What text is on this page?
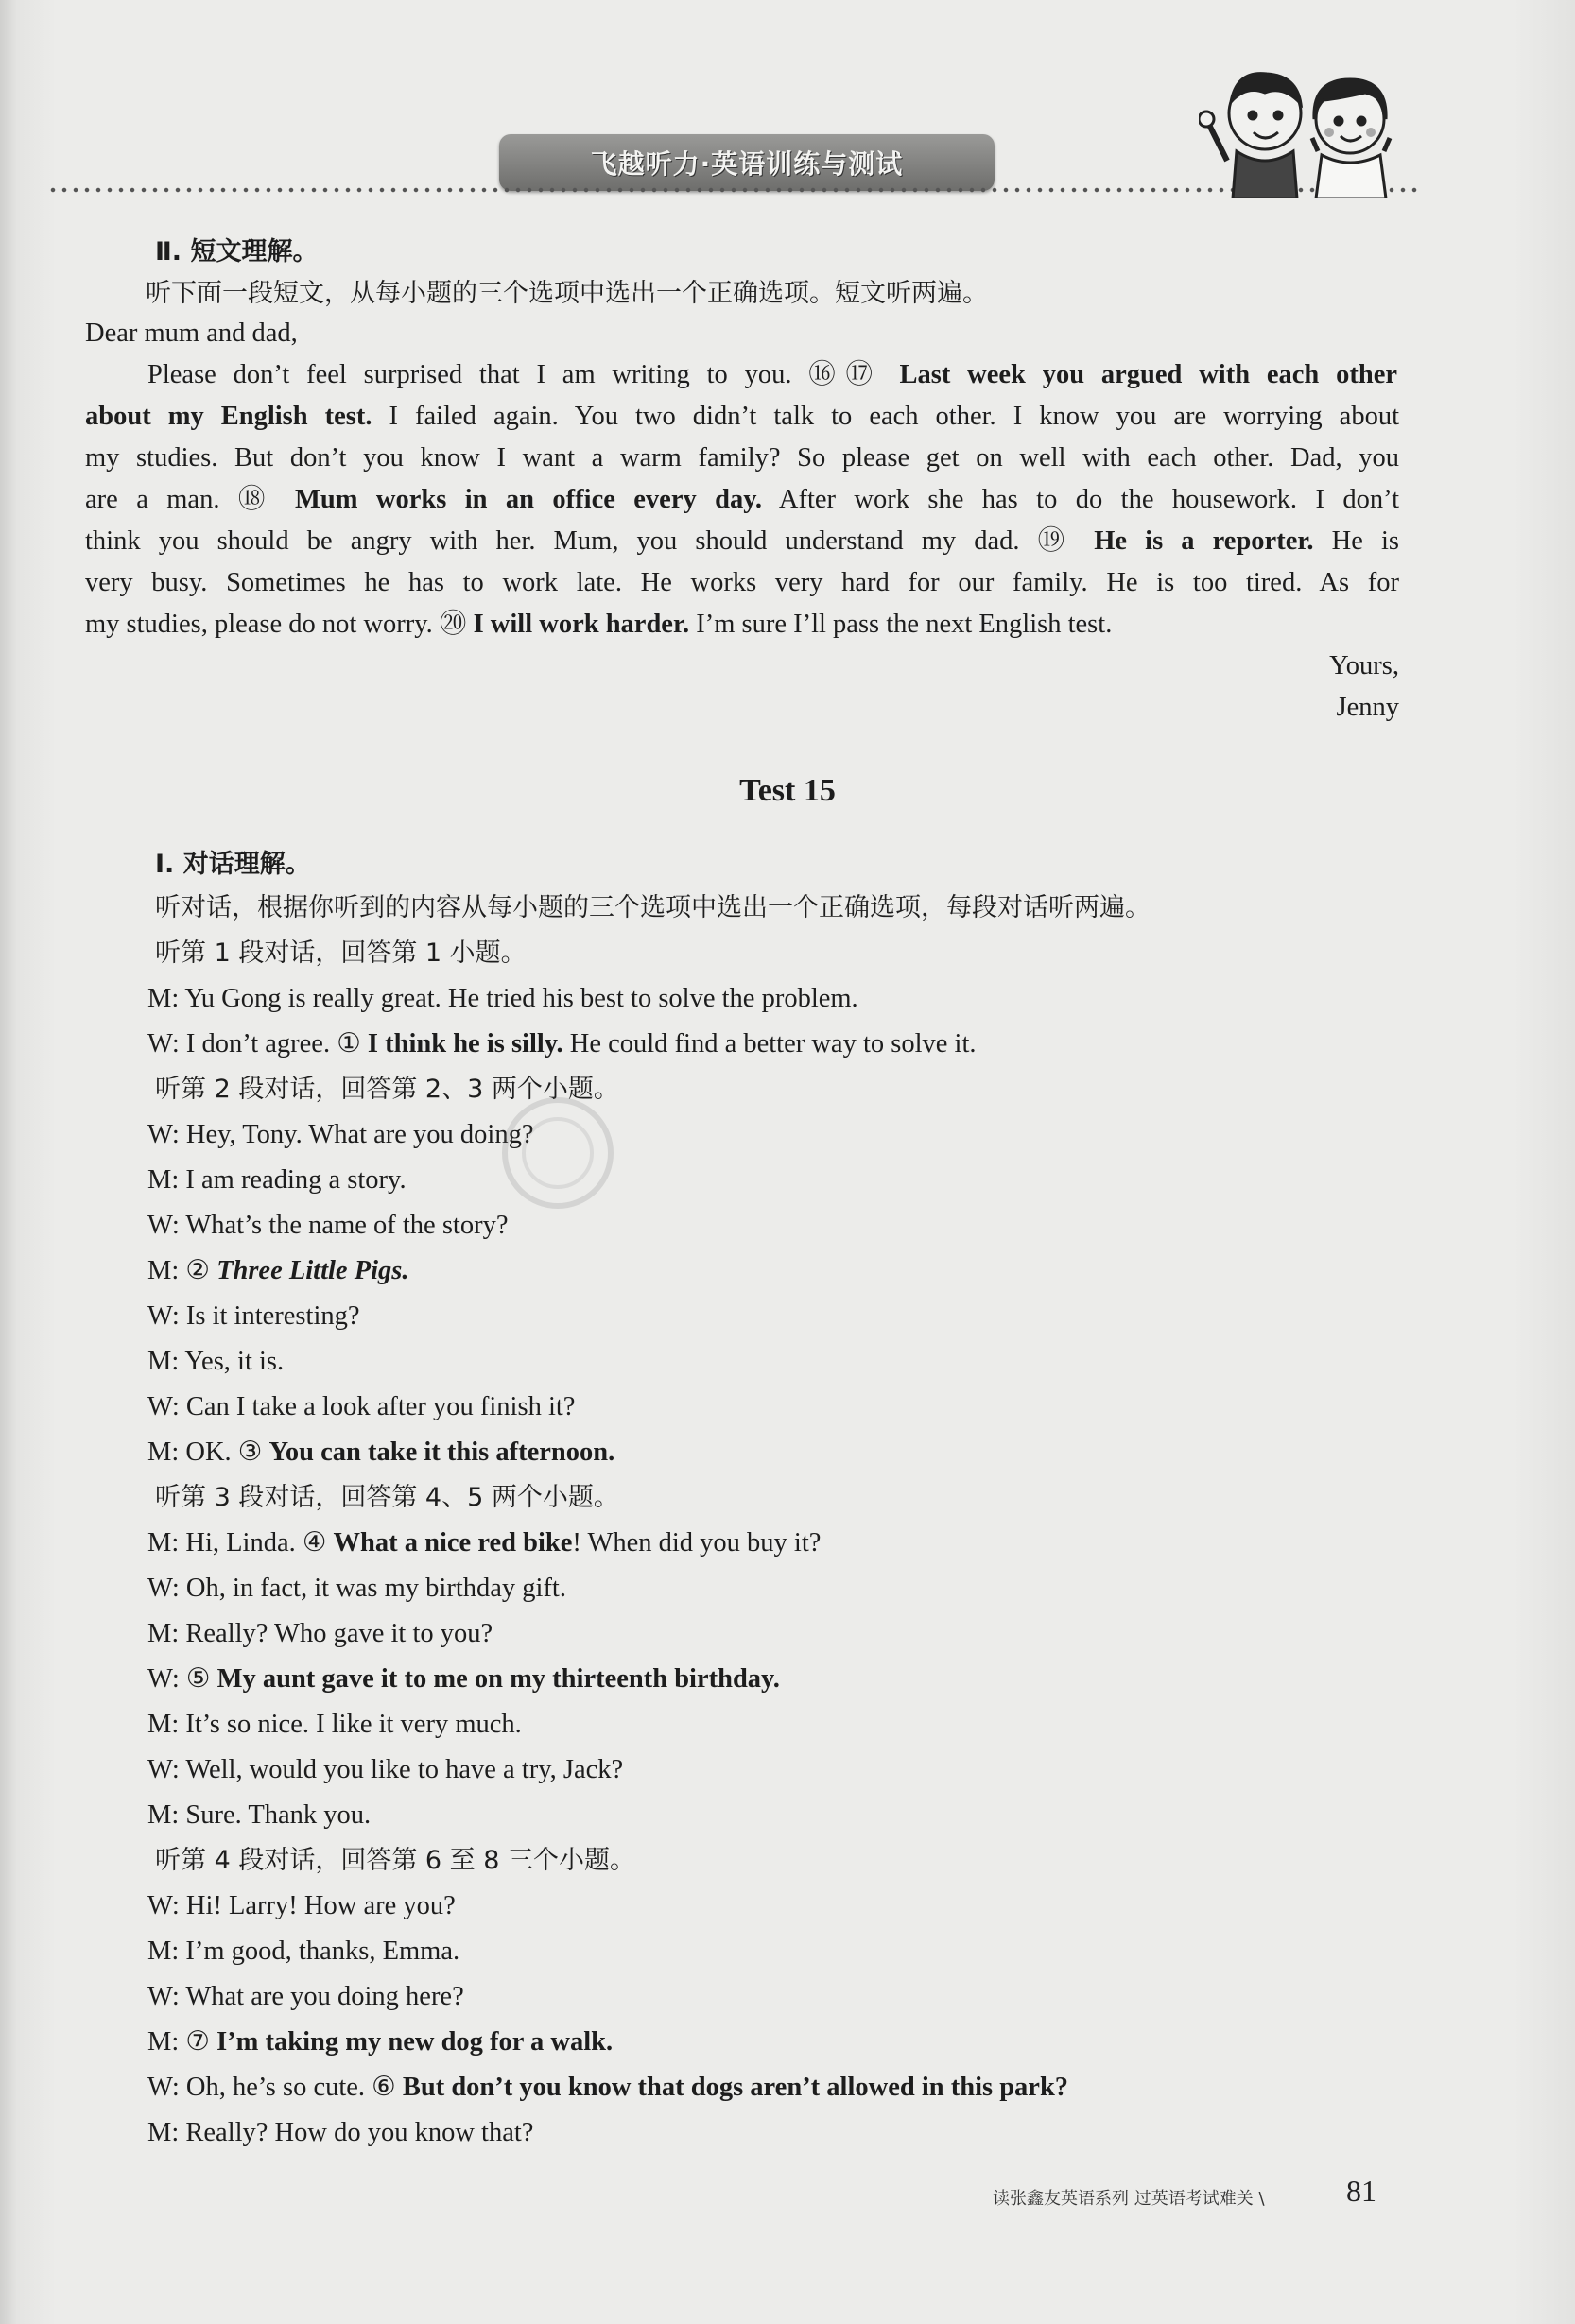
飞越听力·英语训练与测试
Ⅱ. 短文理解。
听下面一段短文，从每小题的三个选项中选出一个正确选项。短文听两遍。
Dear mum and dad,
Please don’t feel surprised that I am writing to you. ⑯⑰ Last week you argued with each other
about my English test. I failed again. You two didn’t talk to each other. I know you are worrying about
my studies. But don’t you know I want a warm family? So please get on well with each other. Dad, you
are a man. ⑱ Mum works in an office every day. After work she has to do the housework. I don’t
think you should be angry with her. Mum, you should understand my dad. ⑲ He is a reporter. He is
very busy. Sometimes he has to work late. He works very hard for our family. He is too tired. As for
my studies, please do not worry. ⑳ I will work harder. I’m sure I’ll pass the next English test.
Yours,
Jenny
Test 15
Ⅰ. 对话理解。
听对话，根据你听到的内容从每小题的三个选项中选出一个正确选项，每段对话听两遍。
听第 1 段对话，回答第 1 小题。
M: Yu Gong is really great. He tried his best to solve the problem.
W: I don’t agree. ① I think he is silly. He could find a better way to solve it.
听第 2 段对话，回答第 2、3 两个小题。
W: Hey, Tony. What are you doing?
M: I am reading a story.
W: What’s the name of the story?
M: ② Three Little Pigs.
W: Is it interesting?
M: Yes, it is.
W: Can I take a look after you finish it?
M: OK. ③ You can take it this afternoon.
听第 3 段对话，回答第 4、5 两个小题。
M: Hi, Linda. ④ What a nice red bike! When did you buy it?
W: Oh, in fact, it was my birthday gift.
M: Really? Who gave it to you?
W: ⑤ My aunt gave it to me on my thirteenth birthday.
M: It’s so nice. I like it very much.
W: Well, would you like to have a try, Jack?
M: Sure. Thank you.
听第 4 段对话，回答第 6 至 8 三个小题。
W: Hi! Larry! How are you?
M: I’m good, thanks, Emma.
W: What are you doing here?
M: ⑦ I’m taking my new dog for a walk.
W: Oh, he’s so cute. ⑥ But don’t you know that dogs aren’t allowed in this park?
M: Really? How do you know that?
读张鑫友英语系列 过英语考试难关 \	81
